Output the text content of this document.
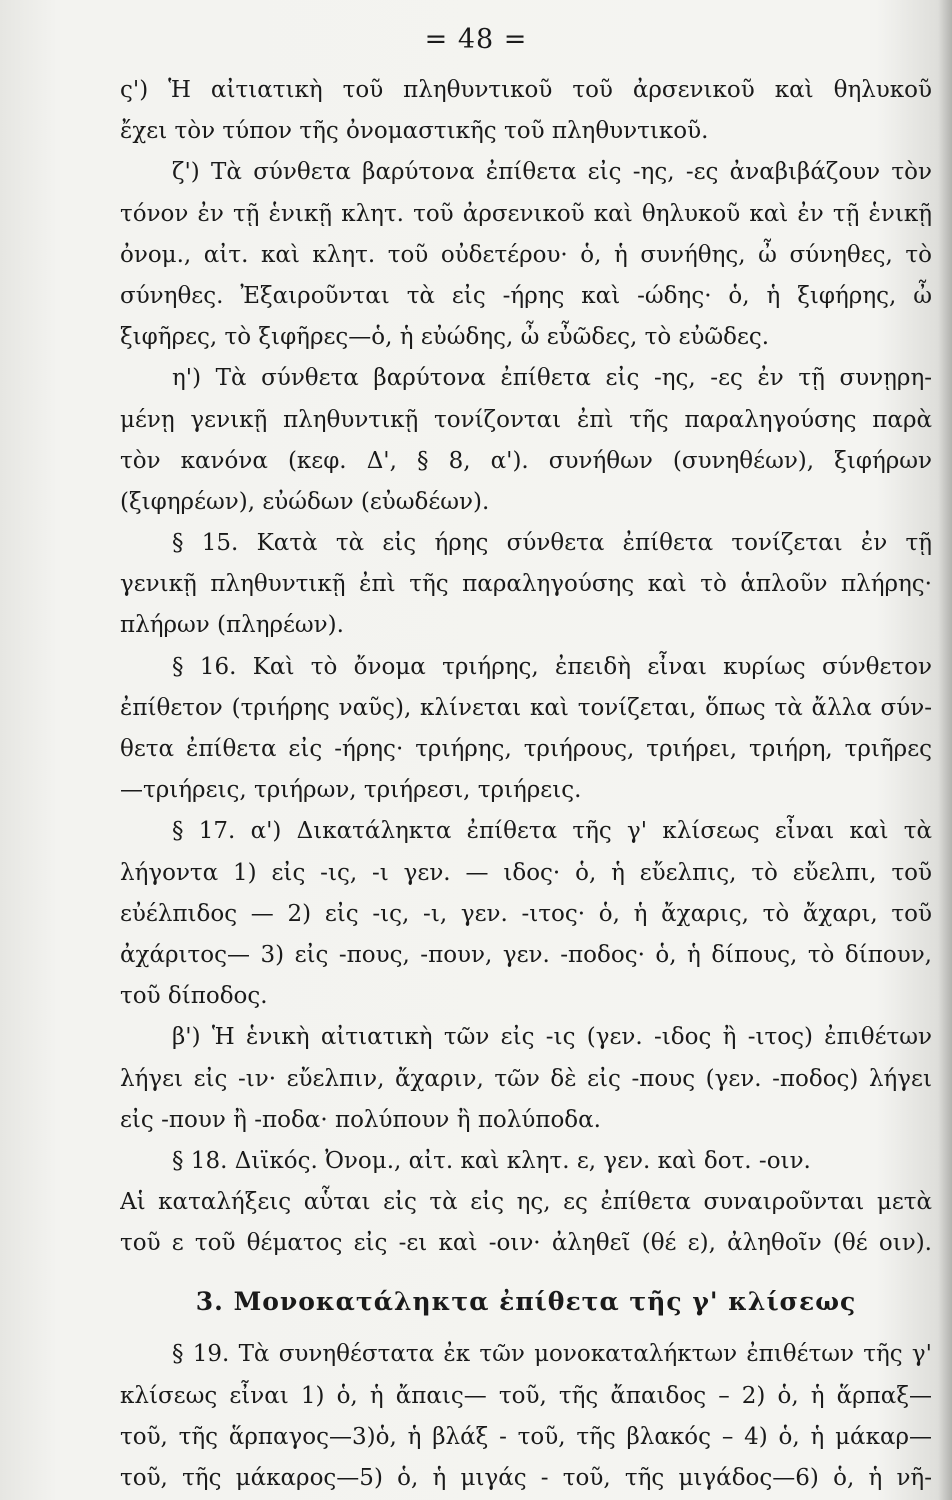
= 48 =
ς') Ἡ αἰτιατικὴ τοῦ πληθυντικοῦ τοῦ ἀρσενικοῦ καὶ θηλυκοῦ
ἔχει τὸν τύπον τῆς ὀνομαστικῆς τοῦ πληθυντικοῦ.
ζ') Τὰ σύνθετα βαρύτονα ἐπίθετα εἰς -ης, -ες ἀναβιβάζουν τὸν
τόνον ἐν τῇ ἑνικῇ κλητ. τοῦ ἀρσενικοῦ καὶ θηλυκοῦ καὶ ἐν τῇ ἑνικῇ
ὀνομ., αἰτ. καὶ κλητ. τοῦ οὐδετέρου· ὁ, ἡ συνήθης, ὦ σύνηθες, τὸ
σύνηθες. Ἐξαιροῦνται τὰ εἰς -ήρης καὶ -ώδης· ὁ, ἡ ξιφήρης, ὦ
ξιφῆρες, τὸ ξιφῆρες—ὁ, ἡ εὐώδης, ὦ εὖῶδες, τὸ εὐῶδες.
η') Τὰ σύνθετα βαρύτονα ἐπίθετα εἰς -ης, -ες ἐν τῇ συνῃρη-
μένῃ γενικῇ πληθυντικῇ τονίζονται ἐπὶ τῆς παραληγούσης παρὰ
τὸν κανόνα (κεφ. Δ', § 8, α'). συνήθων (συνηθέων), ξιφήρων
(ξιφηρέων), εὐώδων (εὐωδέων).
§ 15. Κατὰ τὰ εἰς ήρης σύνθετα ἐπίθετα τονίζεται ἐν τῇ
γενικῇ πληθυντικῇ ἐπὶ τῆς παραληγούσης καὶ τὸ ἁπλοῦν πλήρης·
πλήρων (πληρέων).
§ 16. Καὶ τὸ ὄνομα τριήρης, ἐπειδὴ εἶναι κυρίως σύνθετον
ἐπίθετον (τριήρης ναῦς), κλίνεται καὶ τονίζεται, ὅπως τὰ ἄλλα σύν-
θετα ἐπίθετα εἰς -ήρης· τριήρης, τριήρους, τριήρει, τριήρη, τριῆρες
—τριήρεις, τριήρων, τριήρεσι, τριήρεις.
§ 17. α') Δικατάληκτα ἐπίθετα τῆς γ' κλίσεως εἶναι καὶ τὰ
λήγοντα 1) εἰς -ις, -ι γεν. — ιδος· ὁ, ἡ εὔελπις, τὸ εὔελπι, τοῦ
εὐέλπιδος — 2) εἰς -ις, -ι, γεν. -ιτος· ὁ, ἡ ἄχαρις, τὸ ἄχαρι, τοῦ
ἀχάριτος— 3) εἰς -πους, -πουν, γεν. -ποδος· ὁ, ἡ δίπους, τὸ δίπουν,
τοῦ δίποδος.
β') Ἡ ἑνικὴ αἰτιατικὴ τῶν εἰς -ις (γεν. -ιδος ἢ -ιτος) ἐπιθέτων
λήγει εἰς -ιν· εὔελπιν, ἄχαριν, τῶν δὲ εἰς -πους (γεν. -ποδος) λήγει
εἰς -πουν ἢ -ποδα· πολύπουν ἢ πολύποδα.
§ 18. Διϊκός. Ὀνομ., αἰτ. καὶ κλητ. ε, γεν. καὶ δοτ. -οιν.
Αἱ καταλήξεις αὗται εἰς τὰ εἰς ης, ες ἐπίθετα συναιροῦνται μετὰ
τοῦ ε τοῦ θέματος εἰς -ει καὶ -οιν· ἀληθεῖ (θέ ε), ἀληθοῖν (θέ οιν).
3. Μονοκατάληκτα ἐπίθετα τῆς γ' κλίσεως
§ 19. Τὰ συνηθέστατα ἐκ τῶν μονοκαταλήκτων ἐπιθέτων τῆς γ'
κλίσεως εἶναι 1) ὁ, ἡ ἄπαις— τοῦ, τῆς ἄπαιδος – 2) ὁ, ἡ ἅρπαξ—
τοῦ, τῆς ἅρπαγος—3)ὁ, ἡ βλάξ - τοῦ, τῆς βλακός – 4) ὁ, ἡ μάκαρ—
τοῦ, τῆς μάκαρος—5) ὁ, ἡ μιγάς - τοῦ, τῆς μιγάδος—6) ὁ, ἡ νῆ-
